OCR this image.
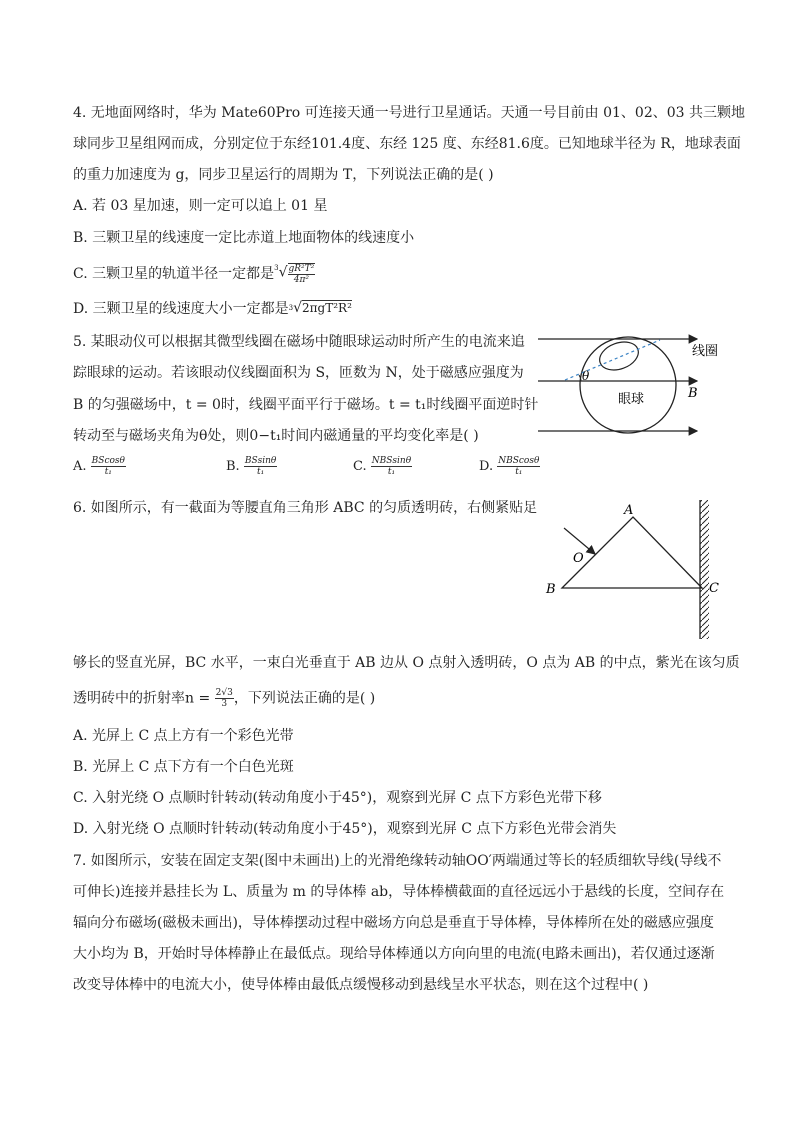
4. 无地面网络时，华为 Mate60Pro 可连接天通一号进行卫星通话。天通一号目前由 01、02、03 共三颗地
球同步卫星组网而成，分别定位于东经101.4度、东经 125 度、东经81.6度。已知地球半径为 R，地球表面
的重力加速度为 g，同步卫星运行的周期为 T，下列说法正确的是( )
A. 若 03 星加速，则一定可以追上 01 星
B. 三颗卫星的线速度一定比赤道上地面物体的线速度小
C. 三颗卫星的轨道半径一定都是$^3√ \frac{\text{gR²T²}}{\text{4π²}}$
D. 三颗卫星的线速度大小一定都是$^3$√2πgT²R²
5. 某眼动仪可以根据其微型线圈在磁场中随眼球运动时所产生的电流来追
踪眼球的运动。若该眼动仪线圈面积为 S，匝数为 N，处于磁感应强度为
B 的匀强磁场中，t = 0时，线圈平面平行于磁场。t = t₁时线圈平面逆时针
转动至与磁场夹角为θ处，则0−t₁时间内磁通量的平均变化率是( )
A. $\frac{BScos\theta}{\text{t₁}}$	B. $\frac{BSsin\theta}{\text{t₁}}$	C. $\frac{\text{NBSsinθ}}{\text{t₁}}$	D. $\frac{\text{NBScosθ}}{\text{t₁}}$
θ
线圈
眼球	B
6. 如图所示，有一截面为等腰直角三角形 ABC 的匀质透明砖，右侧紧贴足	A
B	C
O
够长的竖直光屏，BC 水平，一束白光垂直于 AB 边从 O 点射入透明砖，O 点为 AB 的中点，紫光在该匀质
透明砖中的折射率$n = \frac{2√3}{3}$ ，下列说法正确的是( )
A. 光屏上 C 点上方有一个彩色光带
B. 光屏上 C 点下方有一个白色光斑
C. 入射光绕 O 点顺时针转动(转动角度小于45°)，观察到光屏 C 点下方彩色光带下移
D. 入射光绕 O 点顺时针转动(转动角度小于45°)，观察到光屏 C 点下方彩色光带会消失
7. 如图所示，安装在固定支架(图中未画出)上的光滑绝缘转动轴OO′两端通过等长的轻质细软导线(导线不
可伸长)连接并悬挂长为 L、质量为 m 的导体棒 ab，导体棒横截面的直径远远小于悬线的长度，空间存在
辐向分布磁场(磁极未画出)，导体棒摆动过程中磁场方向总是垂直于导体棒，导体棒所在处的磁感应强度
大小均为 B，开始时导体棒静止在最低点。现给导体棒通以方向向里的电流(电路未画出)，若仅通过逐渐
改变导体棒中的电流大小，使导体棒由最低点缓慢移动到悬线呈水平状态，则在这个过程中( )
